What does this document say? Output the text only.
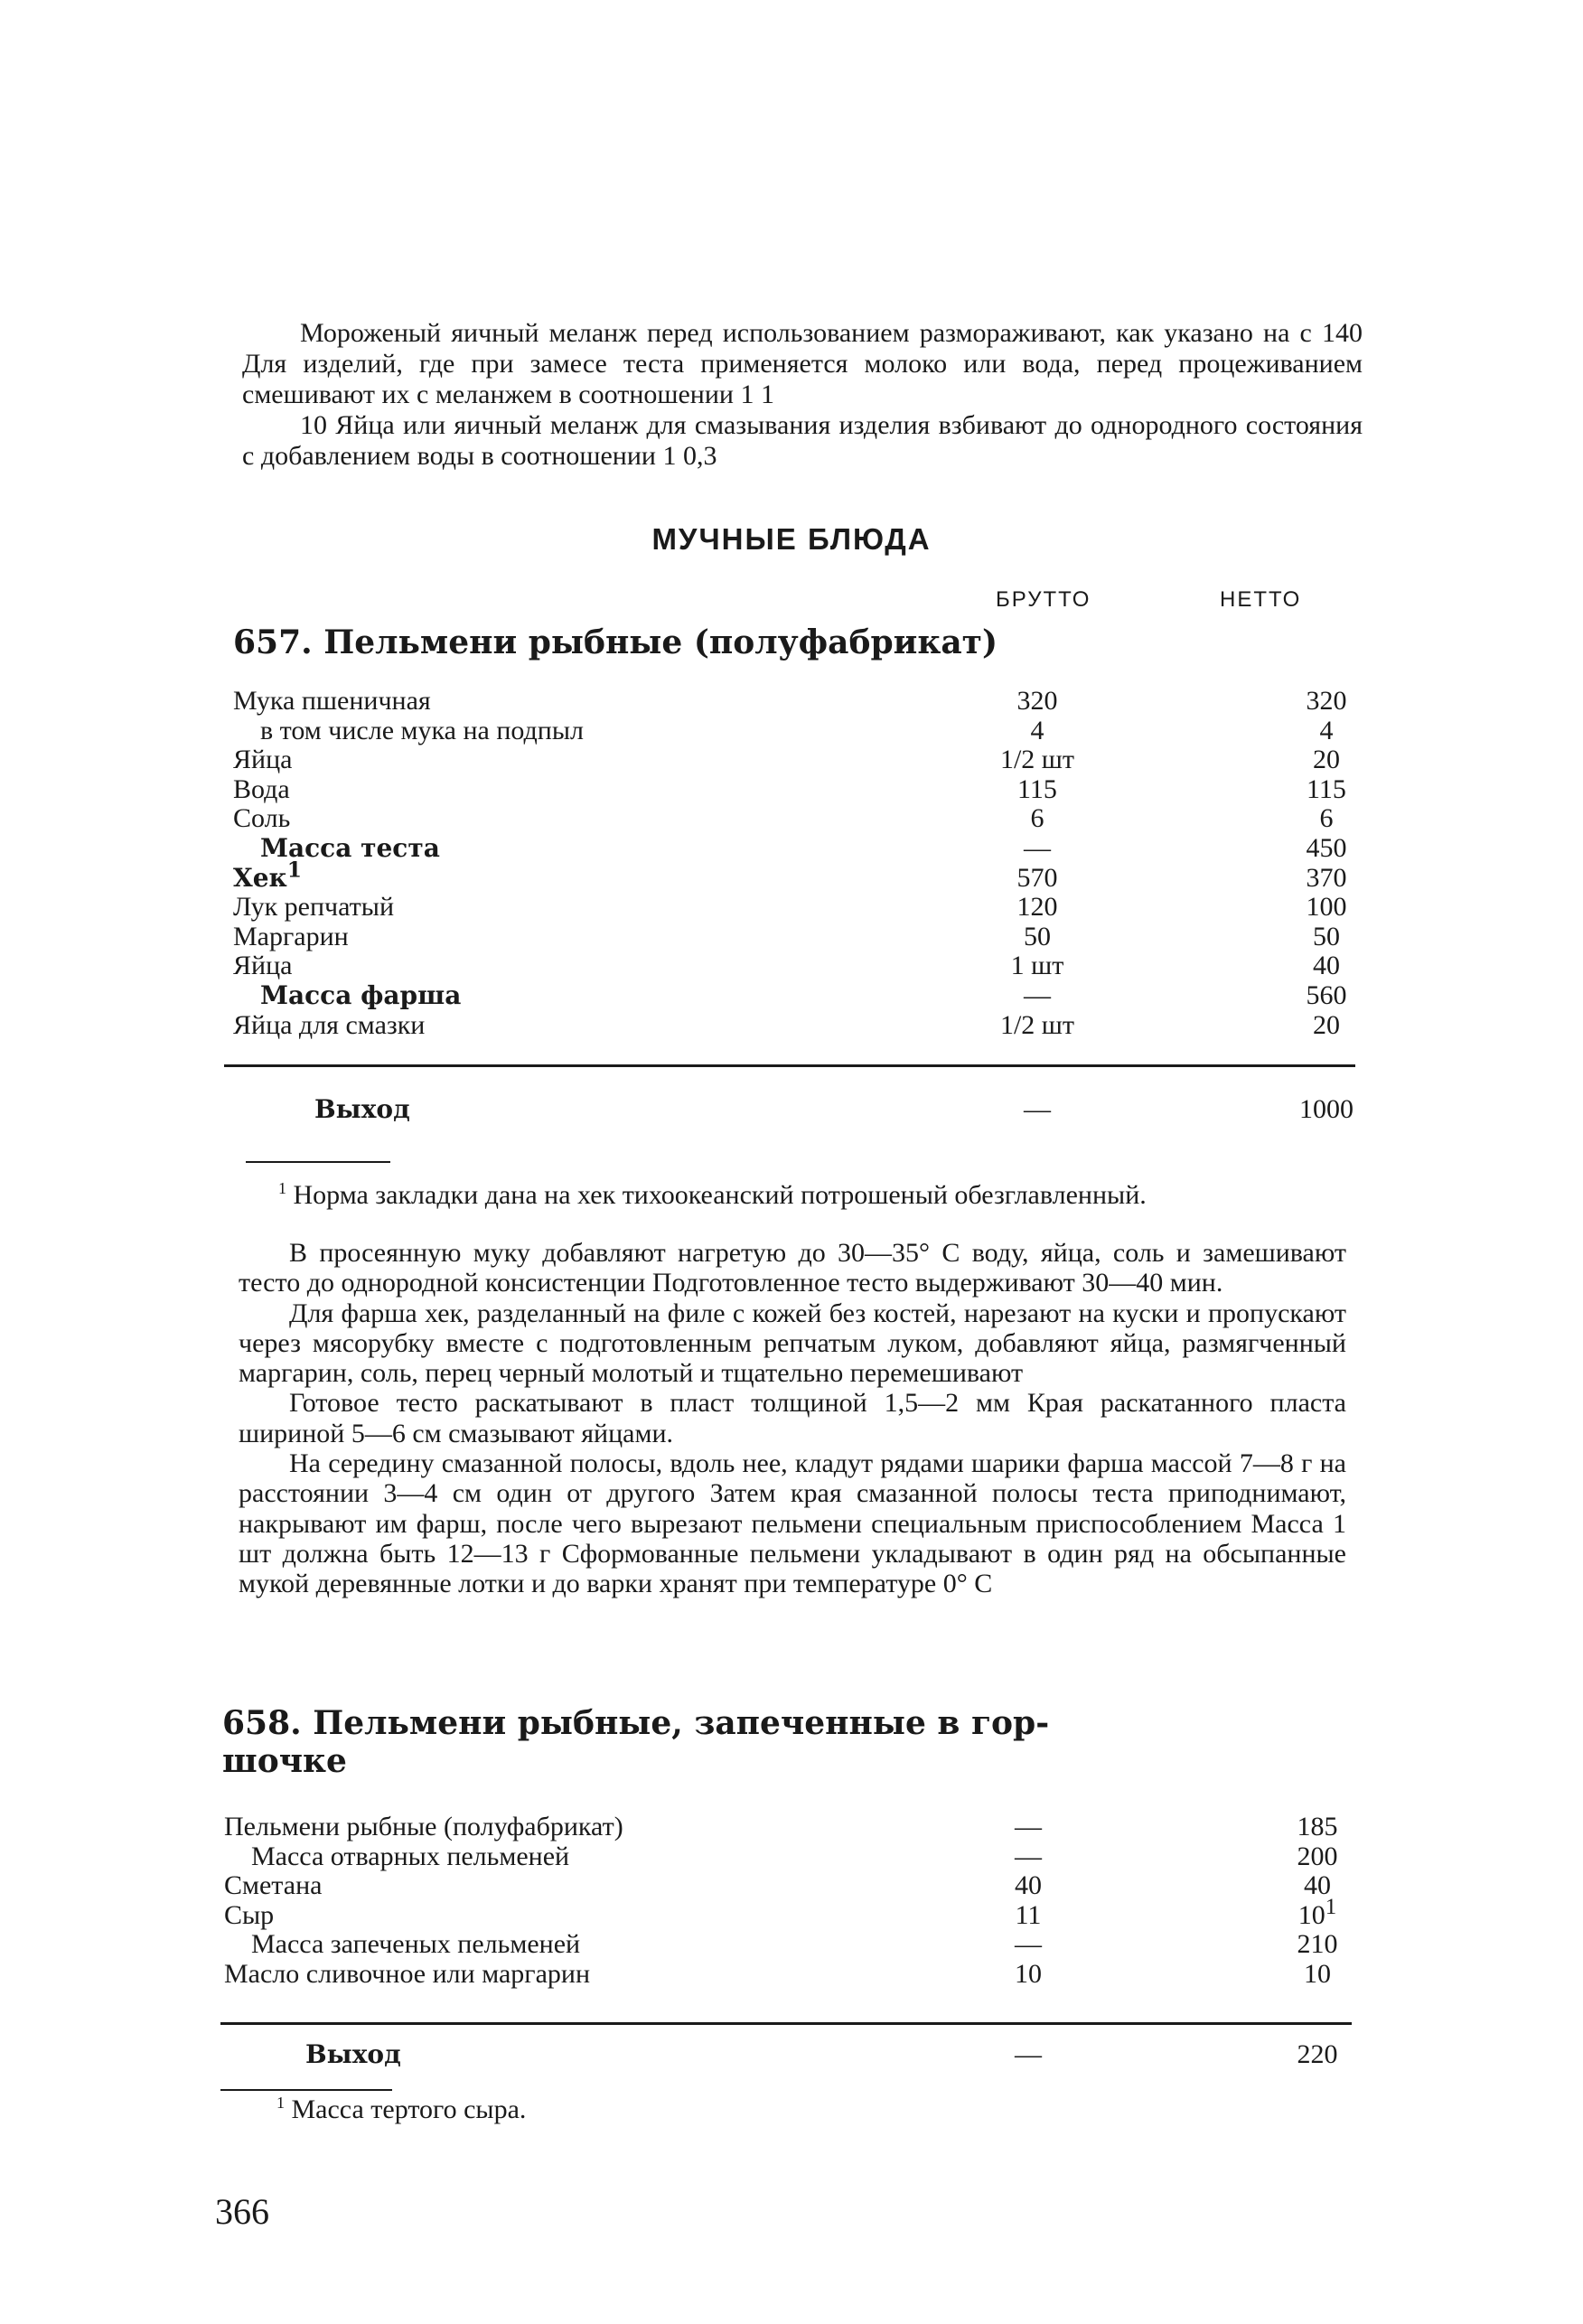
Мороженый яичный меланж перед использованием размораживают, как указано на с 140 Для изделий, где при замесе теста применяется молоко или вода, перед процеживанием смешивают их с меланжем в соотношении 1 1

10 Яйца или яичный меланж для смазывания изделия взбивают до однородного состояния с добавлением воды в соотношении 1 0,3

МУЧНЫЕ БЛЮДА
БРУТТО	НЕТТО
657. Пельмени рыбные (полуфабрикат)
Мука пшеничная	320	320
в том числе мука на подпыл	4	4
Яйца	1/2 шт	20
Вода	115	115
Соль	6	6
Масса теста	—	450
Хек$^1$	570	370
Лук репчатый	120	100
Маргарин	50	50
Яйца	1 шт	40
Масса фарша	—	560
Яйца для смазки	1/2 шт	20
Выход	—	1000
$^1$ Норма закладки дана на хек тихоокеанский потрошеный обезглавленный.

В просеянную муку добавляют нагретую до 30—35° С воду, яйца, соль и замешивают тесто до однородной консистенции Подготовленное тесто выдерживают 30—40 мин.

Для фарша хек, разделанный на филе с кожей без костей, нарезают на куски и пропускают через мясорубку вместе с подготовленным репчатым луком, добавляют яйца, размягченный маргарин, соль, перец черный молотый и тщательно перемешивают

Готовое тесто раскатывают в пласт толщиной 1,5—2 мм Края раскатанного пласта шириной 5—6 см смазывают яйцами.

На середину смазанной полосы, вдоль нее, кладут рядами шарики фарша массой 7—8 г на расстоянии 3—4 см один от другого Затем края смазанной полосы теста приподнимают, накрывают им фарш, после чего вырезают пельмени специальным приспособлением Масса 1 шт должна быть 12—13 г Сформованные пельмени укладывают в один ряд на обсыпанные мукой деревянные лотки и до варки хранят при температуре 0° С

658. Пельмени рыбные, запеченные в гор-
шочке
Пельмени рыбные (полуфабрикат)	—	185
Масса отварных пельменей	—	200
Сметана	40	40
Сыр	11	$10^1$
Масса запеченых пельменей	—	210
Масло сливочное или маргарин	10	10
Выход	—	220
$^1$ Масса тертого сыра.
366
